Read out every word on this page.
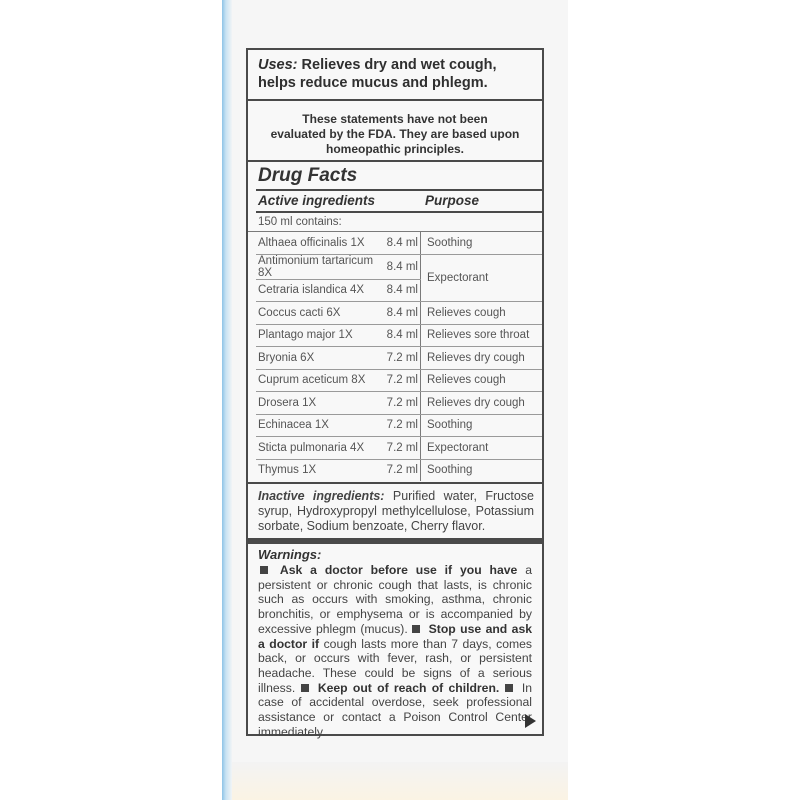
Uses: Relieves dry and wet cough,
helps reduce mucus and phlegm.
These statements have not been
evaluated by the FDA. They are based upon
homeopathic principles.
Drug Facts
Active ingredients	Purpose
150 ml contains:
Althaea officinalis 1X	8.4 ml	Soothing
Antimonium tartaricum 8X	8.4 ml	Expectorant
Cetraria islandica 4X	8.4 ml	
Coccus cacti 6X	8.4 ml	Relieves cough
Plantago major 1X	8.4 ml	Relieves sore throat
Bryonia 6X	7.2 ml	Relieves dry cough
Cuprum aceticum 8X	7.2 ml	Relieves cough
Drosera 1X	7.2 ml	Relieves dry cough
Echinacea 1X	7.2 ml	Soothing
Sticta pulmonaria 4X	7.2 ml	Expectorant
Thymus 1X	7.2 ml	Soothing
Inactive ingredients: Purified water, Fructose syrup, Hydroxypropyl methylcellulose, Potassium sorbate, Sodium benzoate, Cherry flavor.
Warnings:
Ask a doctor before use if you have a persistent or chronic cough that lasts, is chronic such as occurs with smoking, asthma, chronic bronchitis, or emphysema or is accompanied by excessive phlegm (mucus). Stop use and ask a doctor if cough lasts more than 7 days, comes back, or occurs with fever, rash, or persistent headache. These could be signs of a serious illness. Keep out of reach of children. In case of accidental overdose, seek professional assistance or contact a Poison Control Center immediately.
